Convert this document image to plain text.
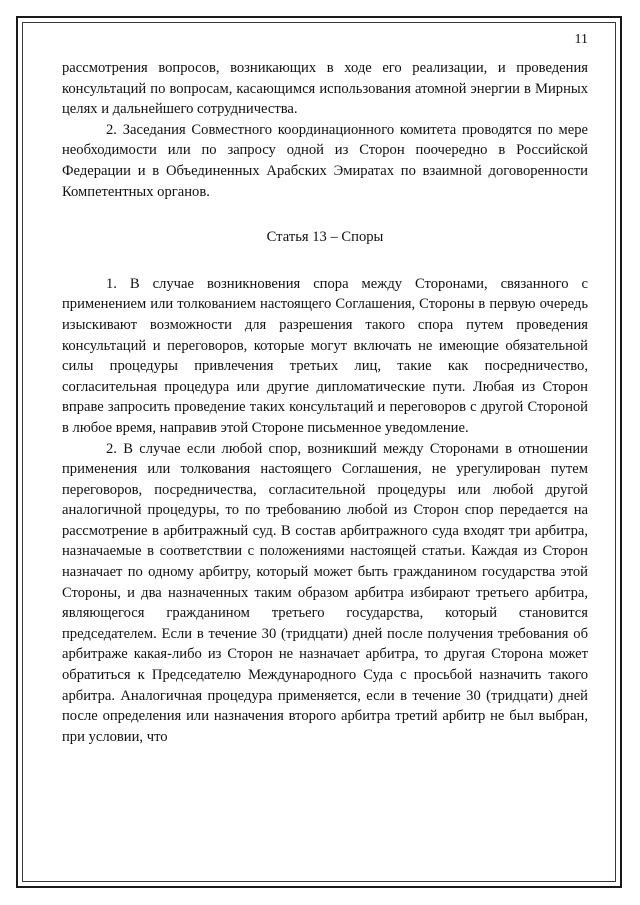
11

рассмотрения вопросов, возникающих в ходе его реализации, и проведения консультаций по вопросам, касающимся использования атомной энергии в Мирных целях и дальнейшего сотрудничества.

2. Заседания Совместного координационного комитета проводятся по мере необходимости или по запросу одной из Сторон поочередно в Российской Федерации и в Объединенных Арабских Эмиратах по взаимной договоренности Компетентных органов.

Статья 13 – Споры

1. В случае возникновения спора между Сторонами, связанного с применением или толкованием настоящего Соглашения, Стороны в первую очередь изыскивают возможности для разрешения такого спора путем проведения консультаций и переговоров, которые могут включать не имеющие обязательной силы процедуры привлечения третьих лиц, такие как посредничество, согласительная процедура или другие дипломатические пути. Любая из Сторон вправе запросить проведение таких консультаций и переговоров с другой Стороной в любое время, направив этой Стороне письменное уведомление.

2. В случае если любой спор, возникший между Сторонами в отношении применения или толкования настоящего Соглашения, не урегулирован путем переговоров, посредничества, согласительной процедуры или любой другой аналогичной процедуры, то по требованию любой из Сторон спор передается на рассмотрение в арбитражный суд. В состав арбитражного суда входят три арбитра, назначаемые в соответствии с положениями настоящей статьи. Каждая из Сторон назначает по одному арбитру, который может быть гражданином государства этой Стороны, и два назначенных таким образом арбитра избирают третьего арбитра, являющегося гражданином третьего государства, который становится председателем. Если в течение 30 (тридцати) дней после получения требования об арбитраже какая-либо из Сторон не назначает арбитра, то другая Сторона может обратиться к Председателю Международного Суда с просьбой назначить такого арбитра. Аналогичная процедура применяется, если в течение 30 (тридцати) дней после определения или назначения второго арбитра третий арбитр не был выбран, при условии, что
